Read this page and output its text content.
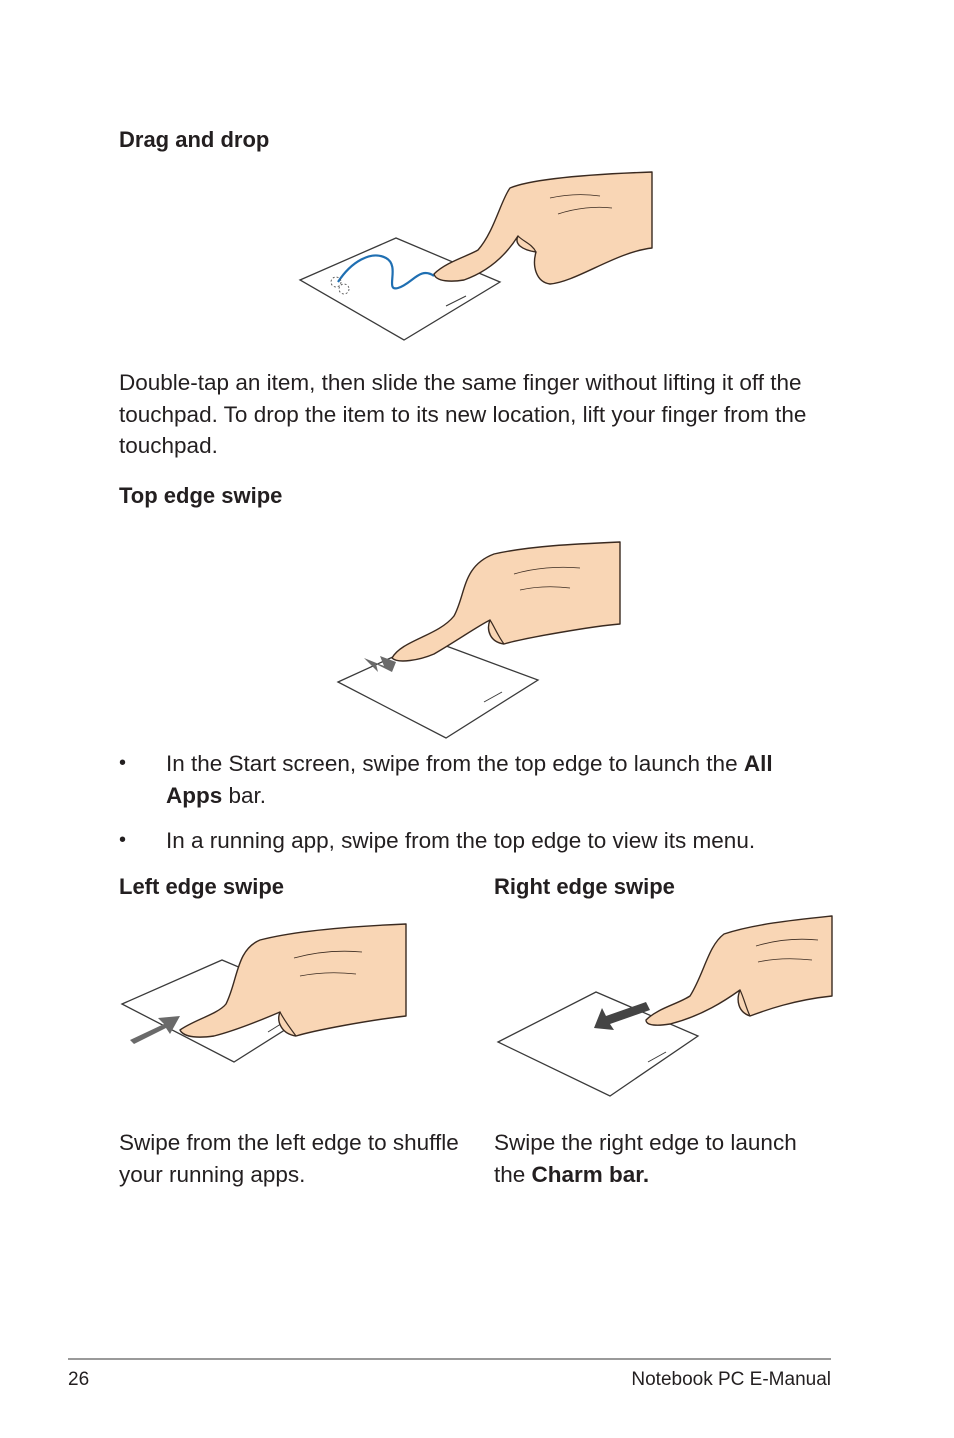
Drag and drop
Double-tap an item, then slide the same finger without lifting it off the touchpad. To drop the item to its new location, lift your finger from the touchpad.
Top edge swipe
• In the Start screen, swipe from the top edge to launch the All Apps bar.
• In a running app, swipe from the top edge to view its menu.
Left edge swipe
Swipe from the left edge to shuffle your running apps.
Right edge swipe
Swipe the right edge to launch the Charm bar.
26	Notebook PC E-Manual
